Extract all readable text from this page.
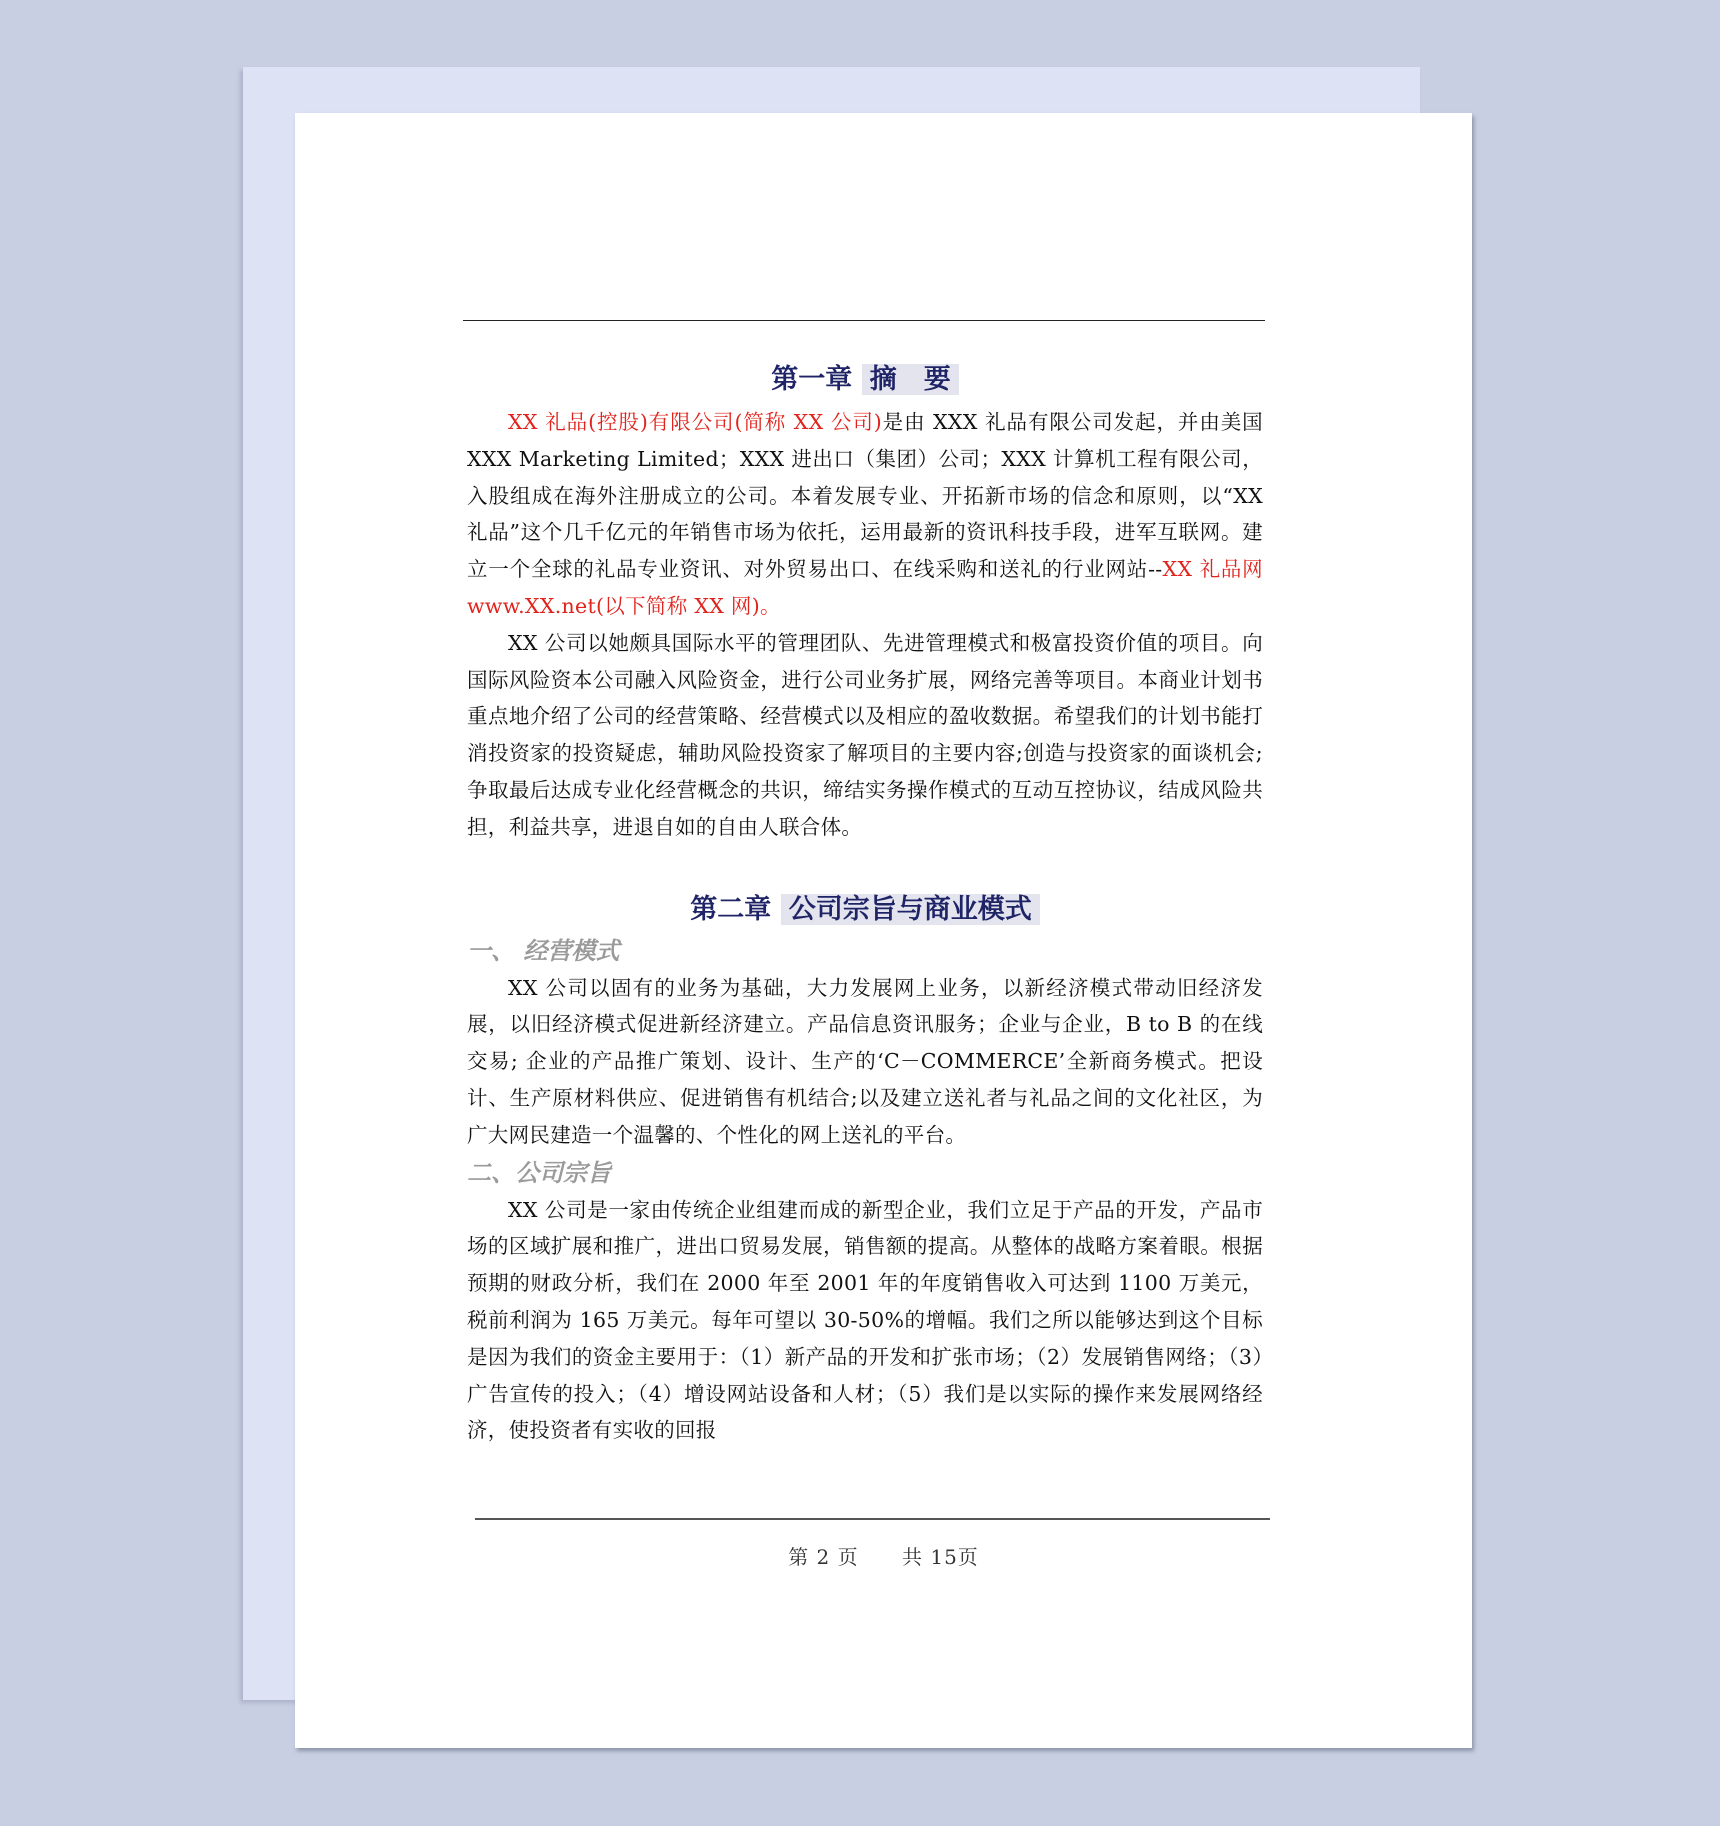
第一章 摘　要

XX 礼品(控股)有限公司(简称 XX 公司)是由 XXX 礼品有限公司发起，并由美国 XXX Marketing Limited；XXX 进出口（集团）公司；XXX 计算机工程有限公司，入股组成在海外注册成立的公司。本着发展专业、开拓新市场的信念和原则，以“XX 礼品”这个几千亿元的年销售市场为依托，运用最新的资讯科技手段，进军互联网。建立一个全球的礼品专业资讯、对外贸易出口、在线采购和送礼的行业网站--XX 礼品网 www.XX.net(以下简称 XX 网)。

XX 公司以她颇具国际水平的管理团队、先进管理模式和极富投资价值的项目。向国际风险资本公司融入风险资金，进行公司业务扩展，网络完善等项目。本商业计划书重点地介绍了公司的经营策略、经营模式以及相应的盈收数据。希望我们的计划书能打消投资家的投资疑虑，辅助风险投资家了解项目的主要内容;创造与投资家的面谈机会;争取最后达成专业化经营概念的共识，缔结实务操作模式的互动互控协议，结成风险共担，利益共享，进退自如的自由人联合体。

第二章 公司宗旨与商业模式
一、 经营模式

XX 公司以固有的业务为基础，大力发展网上业务，以新经济模式带动旧经济发展，以旧经济模式促进新经济建立。产品信息资讯服务；企业与企业，B to B 的在线交易; 企业的产品推广策划、设计、生产的‘C－COMMERCE’全新商务模式。把设计、生产原材料供应、促进销售有机结合;以及建立送礼者与礼品之间的文化社区，为广大网民建造一个温馨的、个性化的网上送礼的平台。

二、公司宗旨

XX 公司是一家由传统企业组建而成的新型企业，我们立足于产品的开发，产品市场的区域扩展和推广，进出口贸易发展，销售额的提高。从整体的战略方案着眼。根据预期的财政分析，我们在 2000 年至 2001 年的年度销售收入可达到 1100 万美元，税前利润为 165 万美元。每年可望以 30-50%的增幅。我们之所以能够达到这个目标是因为我们的资金主要用于：（1）新产品的开发和扩张市场；（2）发展销售网络；（3）广告宣传的投入；（4）增设网站设备和人材；（5）我们是以实际的操作来发展网络经济，使投资者有实收的回报

第 2 页 共 15页
